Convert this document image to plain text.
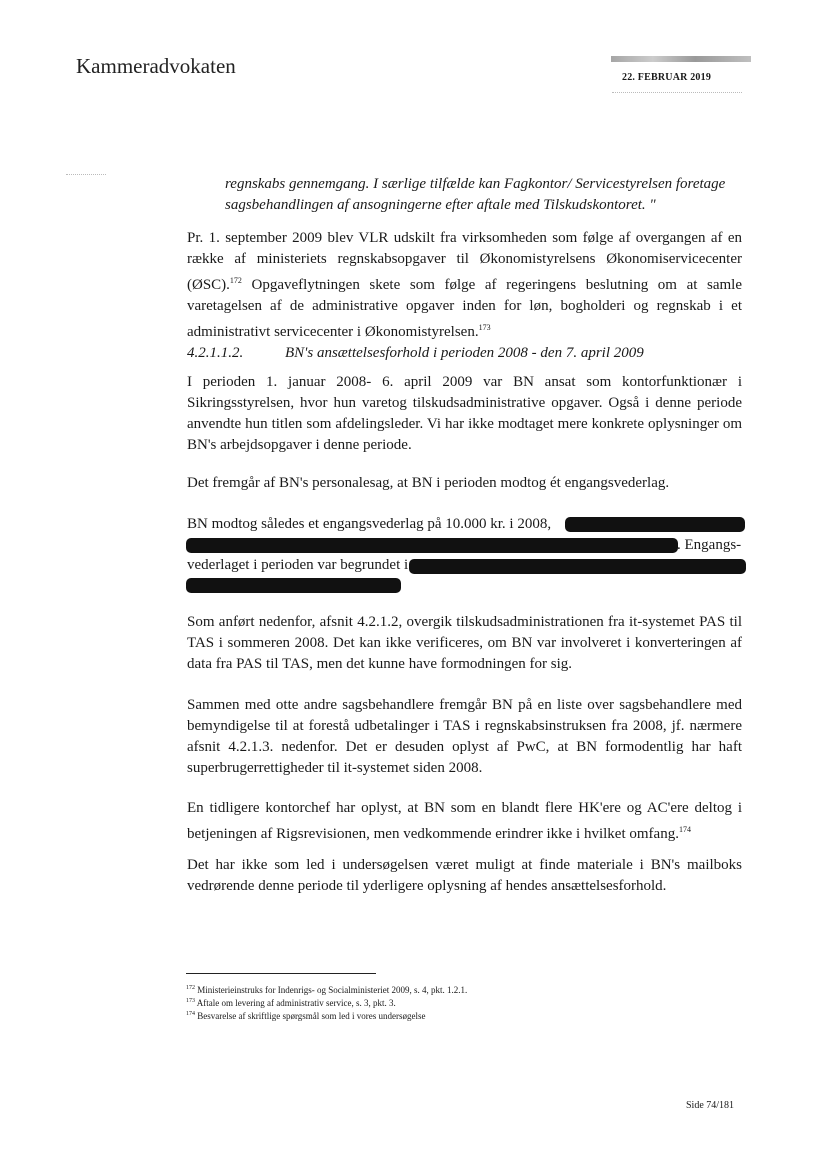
Kammeradvokaten	22. FEBRUAR 2019
regnskabs gennemgang. I særlige tilfælde kan Fagkontor/ Servicestyrelsen foretage
sagsbehandlingen af ansogningerne efter aftale med Tilskudskontoret. "

Pr. 1. september 2009 blev VLR udskilt fra virksomheden som følge af overgangen af en række af ministeriets regnskabsopgaver til Økonomistyrelsens Økonomiservicecenter (ØSC).$^{172}$ Opgaveflytningen skete som følge af regeringens beslutning om at samle varetagelsen af de administrative opgaver inden for løn, bogholderi og regnskab i et administrativt servicecenter i Økonomistyrelsen.$^{173}$

4.2.1.1.2.	BN's ansættelsesforhold i perioden 2008 - den 7. april 2009

I perioden 1. januar 2008- 6. april 2009 var BN ansat som kontorfunktionær i Sikringsstyrelsen, hvor hun varetog tilskudsadministrative opgaver. Også i denne periode anvendte hun titlen som afdelingsleder. Vi har ikke modtaget mere konkrete oplysninger om BN's arbejdsopgaver i denne periode.

Det fremgår af BN's personalesag, at BN i perioden modtog ét engangsvederlag.

BN modtog således et engangsvederlag på 10.000 kr. i 2008,
. Engangs-
vederlaget i perioden var begrundet i

Som anført nedenfor, afsnit 4.2.1.2, overgik tilskudsadministrationen fra it-systemet PAS til TAS i sommeren 2008. Det kan ikke verificeres, om BN var involveret i konverteringen af data fra PAS til TAS, men det kunne have formodningen for sig.

Sammen med otte andre sagsbehandlere fremgår BN på en liste over sagsbehandlere med bemyndigelse til at forestå udbetalinger i TAS i regnskabsinstruksen fra 2008, jf. nærmere afsnit 4.2.1.3. nedenfor. Det er desuden oplyst af PwC, at BN formodentlig har haft superbrugerrettigheder til it-systemet siden 2008.

En tidligere kontorchef har oplyst, at BN som en blandt flere HK'ere og AC'ere deltog i betjeningen af Rigsrevisionen, men vedkommende erindrer ikke i hvilket omfang.$^{174}$

Det har ikke som led i undersøgelsen været muligt at finde materiale i BN's mailboks vedrørende denne periode til yderligere oplysning af hendes ansættelsesforhold.

$^{172}$ Ministerieinstruks for Indenrigs- og Socialministeriet 2009, s. 4, pkt. 1.2.1.
$^{173}$ Aftale om levering af administrativ service, s. 3, pkt. 3.
$^{174}$ Besvarelse af skriftlige spørgsmål som led i vores undersøgelse
Side 74/181
